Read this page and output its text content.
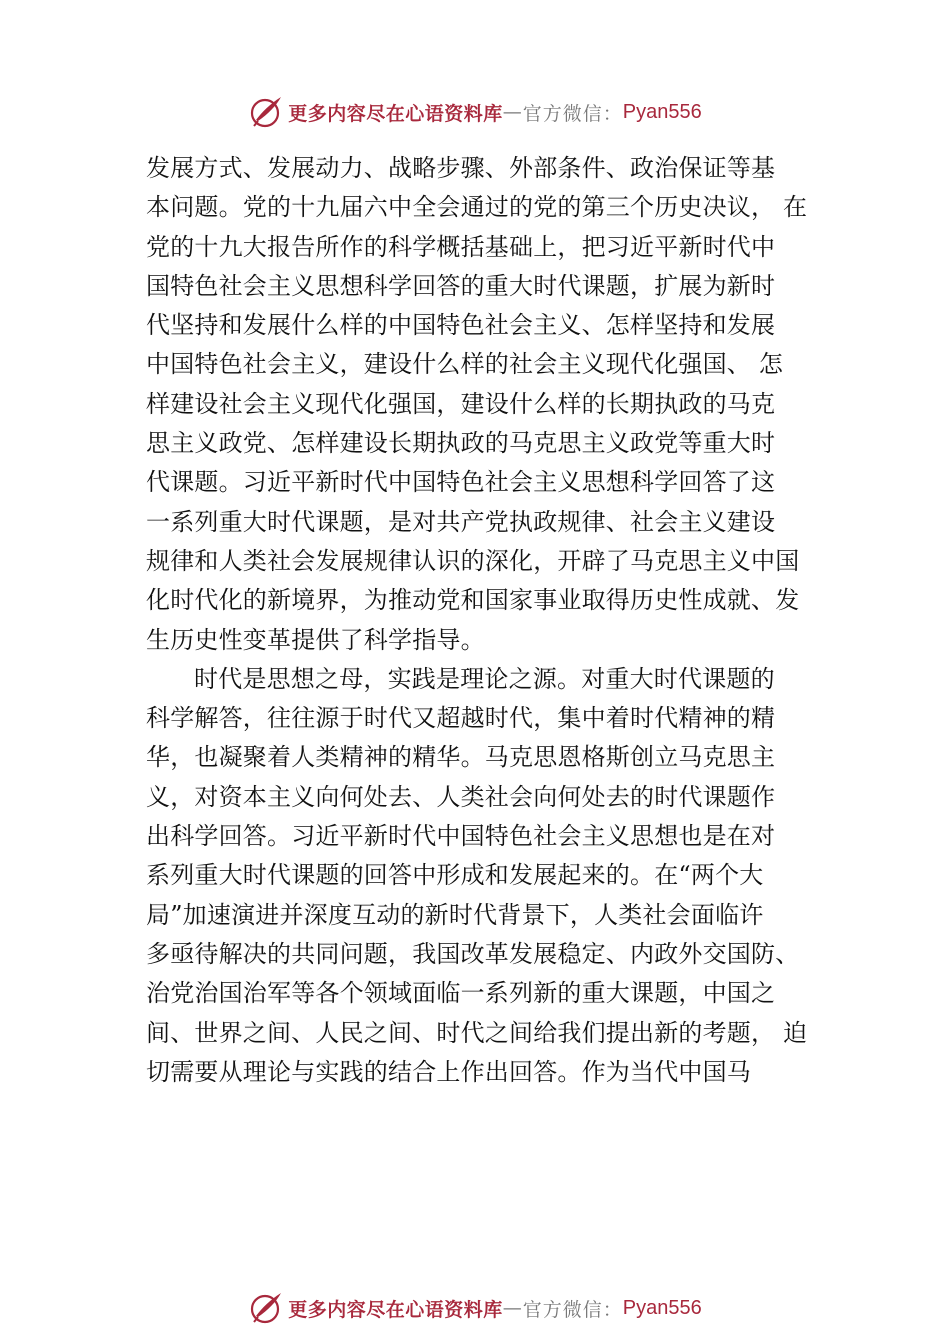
更多内容尽在心语资料库 — 官方微信： Pyan556
发展方式、发展动力、战略步骤、外部条件、政治保证等基
本问题。党的十九届六中全会通过的党的第三个历史决议， 在
党的十九大报告所作的科学概括基础上，把习近平新时代中
国特色社会主义思想科学回答的重大时代课题，扩展为新时
代坚持和发展什么样的中国特色社会主义、怎样坚持和发展
中国特色社会主义，建设什么样的社会主义现代化强国、 怎
样建设社会主义现代化强国，建设什么样的长期执政的马克
思主义政党、怎样建设长期执政的马克思主义政党等重大时
代课题。习近平新时代中国特色社会主义思想科学回答了这
一系列重大时代课题，是对共产党执政规律、社会主义建设
规律和人类社会发展规律认识的深化，开辟了马克思主义中国
化时代化的新境界，为推动党和国家事业取得历史性成就、发
生历史性变革提供了科学指导。
时代是思想之母，实践是理论之源。对重大时代课题的
科学解答，往往源于时代又超越时代，集中着时代精神的精
华，也凝聚着人类精神的精华。马克思恩格斯创立马克思主
义，对资本主义向何处去、人类社会向何处去的时代课题作
出科学回答。习近平新时代中国特色社会主义思想也是在对
系列重大时代课题的回答中形成和发展起来的。在“两个大
局”加速演进并深度互动的新时代背景下，人类社会面临许
多亟待解决的共同问题，我国改革发展稳定、内政外交国防、
治党治国治军等各个领域面临一系列新的重大课题，中国之
间、世界之间、人民之间、时代之间给我们提出新的考题， 迫
切需要从理论与实践的结合上作出回答。作为当代中国马
更多内容尽在心语资料库 — 官方微信： Pyan556
